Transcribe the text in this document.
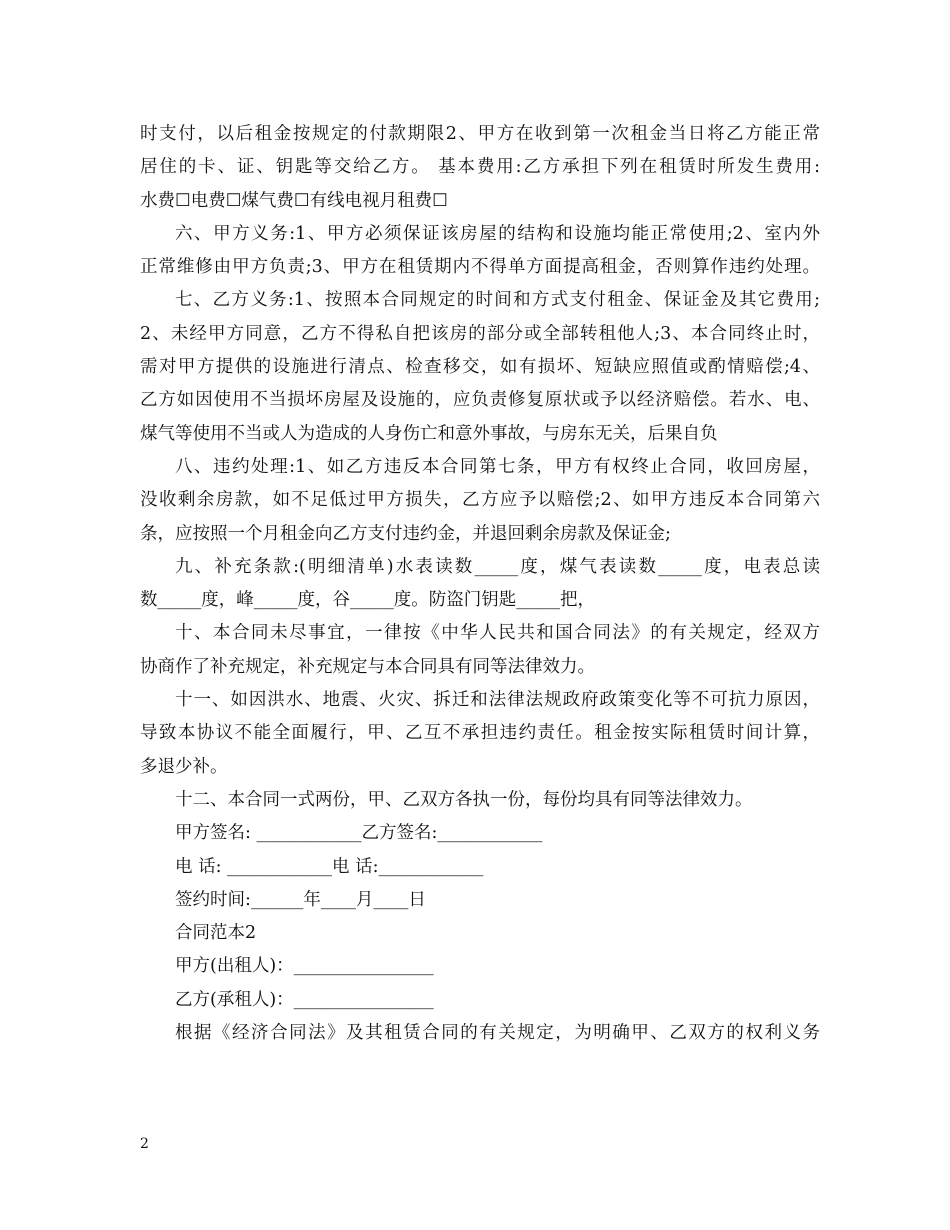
时支付，以后租金按规定的付款期限2、甲方在收到第一次租金当日将乙方能正常
居住的卡、证、钥匙等交给乙方。 基本费用:乙方承担下列在租赁时所发生费用:
水费☐电费☐煤气费☐有线电视月租费☐
六、甲方义务:1、甲方必须保证该房屋的结构和设施均能正常使用;2、室内外
正常维修由甲方负责;3、甲方在租赁期内不得单方面提高租金，否则算作违约处理。
七、乙方义务:1、按照本合同规定的时间和方式支付租金、保证金及其它费用;
2、未经甲方同意，乙方不得私自把该房的部分或全部转租他人;3、本合同终止时，
需对甲方提供的设施进行清点、检查移交，如有损坏、短缺应照值或酌情赔偿;4、
乙方如因使用不当损坏房屋及设施的，应负责修复原状或予以经济赔偿。若水、电、
煤气等使用不当或人为造成的人身伤亡和意外事故，与房东无关，后果自负
八、违约处理:1、如乙方违反本合同第七条，甲方有权终止合同，收回房屋，
没收剩余房款，如不足低过甲方损失，乙方应予以赔偿;2、如甲方违反本合同第六
条，应按照一个月租金向乙方支付违约金，并退回剩余房款及保证金;
九、补充条款:(明细清单)水表读数_____度，煤气表读数_____度，电表总读
数_____度，峰_____度，谷_____度。防盗门钥匙_____把，
十、本合同未尽事宜，一律按《中华人民共和国合同法》的有关规定，经双方
协商作了补充规定，补充规定与本合同具有同等法律效力。
十一、如因洪水、地震、火灾、拆迁和法律法规政府政策变化等不可抗力原因，
导致本协议不能全面履行，甲、乙互不承担违约责任。租金按实际租赁时间计算，
多退少补。
十二、本合同一式两份，甲、乙双方各执一份，每份均具有同等法律效力。
甲方签名: ____________乙方签名:____________
电 话: ____________电 话:____________
签约时间:______年____月____日
合同范本2
甲方(出租人)：________________
乙方(承租人)：________________
根据《经济合同法》及其租赁合同的有关规定，为明确甲、乙双方的权利义务
2
